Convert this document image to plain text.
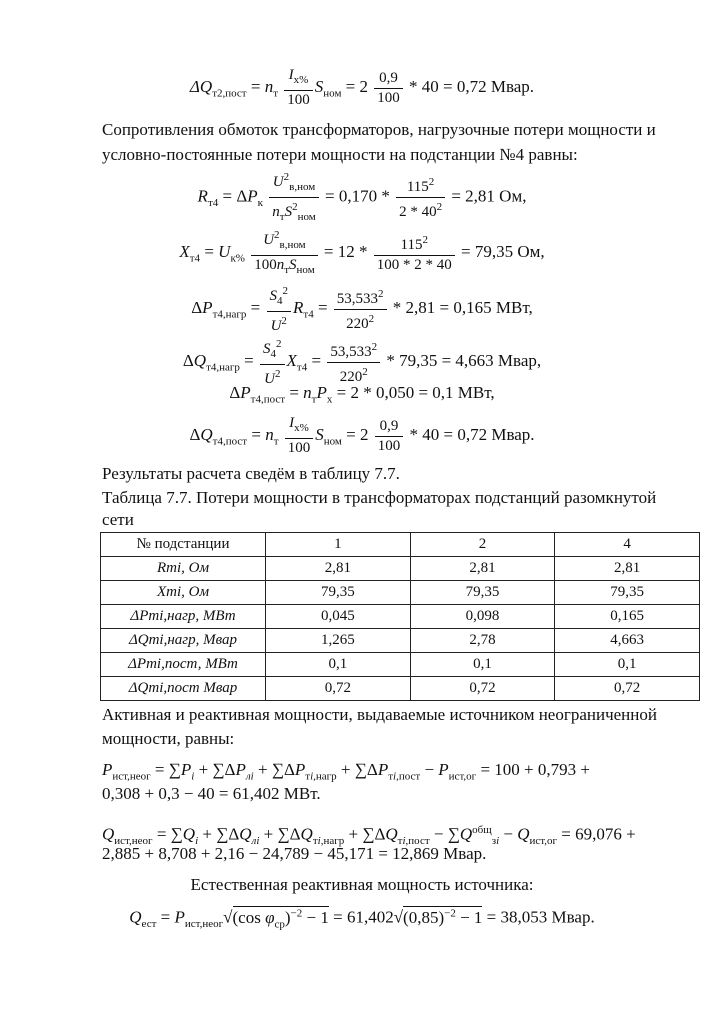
$\Delta Q_{т2,пост} = n_т \frac{I_{x\%}}{100} S_{ном} = 2 \frac{0,9}{100} * 40 = 0,72$ Мвар.
Сопротивления обмоток трансформаторов, нагрузочные потери мощности и
условно-постоянные потери мощности на подстанции №4 равны:
$R_{т4} = \Delta P_к \frac{U^2_{в,ном}}{n_тS^2_{ном}} = 0,170 * \frac{115^2}{2 * 40^2} = 2,81$ Ом,
$X_{т4} = U_{к\%} \frac{U^2_{в,ном}}{100n_тS_{ном}} = 12 * \frac{115^2}{100 * 2 * 40} = 79,35$ Ом,
$\Delta P_{т4,нагр} = \frac{S_4^2}{U^2} R_{т4} = \frac{53,533^2}{220^2} * 2,81 = 0,165$ МВт,
$\Delta Q_{т4,нагр} = \frac{S_4^2}{U^2} X_{т4} = \frac{53,533^2}{220^2} * 79,35 = 4,663$ Мвар,
$\Delta P_{т4,пост} = n_тP_x = 2 * 0,050 = 0,1$ МВт,
$\Delta Q_{т4,пост} = n_т \frac{I_{x\%}}{100} S_{ном} = 2 \frac{0,9}{100} * 40 = 0,72$ Мвар.
Результаты расчета сведём в таблицу 7.7.
Таблица 7.7. Потери мощности в трансформаторах подстанций разомкнутой
сети
№ подстанции	1	2	4
Rтi, Ом	2,81	2,81	2,81
Xтi, Ом	79,35	79,35	79,35
ΔPтi,нагр, МВт	0,045	0,098	0,165
ΔQтi,нагр, Мвар	1,265	2,78	4,663
ΔPтi,пост, МВт	0,1	0,1	0,1
ΔQтi,пост Мвар	0,72	0,72	0,72
Активная и реактивная мощности, выдаваемые источником неограниченной
мощности, равны:
$P_{ист,неог} = \sum P_i + \sum\Delta P_{лi} + \sum\Delta P_{тi,нагр} + \sum\Delta P_{тi,пост} - P_{ист,ог} = 100 + 0,793$ +
0,308 + 0,3 − 40 = 61,402 МВт.
$Q_{ист,неог} = \sum Q_i + \sum\Delta Q_{лi} + \sum\Delta Q_{тi,нагр} + \sum\Delta Q_{тi,пост} - \sum Q^{общ}_{зi} - Q_{ист,ог} = 69,076$ +
2,885 + 8,708 + 2,16 − 24,789 − 45,171 = 12,869 Мвар.
Естественная реактивная мощность источника:
$Q_{ест} = P_{ист,неог}√(\cos$ $\varphi_{ср})^{-2} - 1 = 61,402√(0,85)^{-2} - 1 = 38,053$ Мвар.
